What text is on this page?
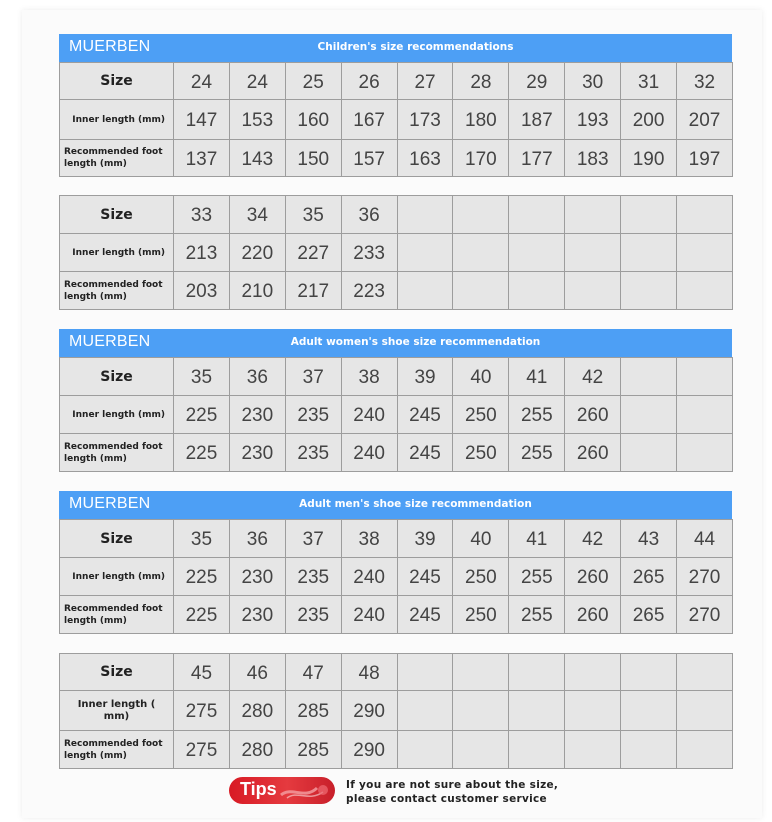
MUERBEN	Children's size recommendations
Size	24	24	25	26	27	28	29	30	31	32
Inner length (mm)	147	153	160	167	173	180	187	193	200	207
Recommended foot length (mm)	137	143	150	157	163	170	177	183	190	197
Size	33	34	35	36						
Inner length (mm)	213	220	227	233						
Recommended foot length (mm)	203	210	217	223						
MUERBEN	Adult women's shoe size recommendation
Size	35	36	37	38	39	40	41	42		
Inner length (mm)	225	230	235	240	245	250	255	260		
Recommended foot length (mm)	225	230	235	240	245	250	255	260		
MUERBEN	Adult men's shoe size recommendation
Size	35	36	37	38	39	40	41	42	43	44
Inner length (mm)	225	230	235	240	245	250	255	260	265	270
Recommended foot length (mm)	225	230	235	240	245	250	255	260	265	270
Size	45	46	47	48						
Inner length ( mm)	275	280	285	290						
Recommended foot length (mm)	275	280	285	290						
Tips	If you are not sure about the size,
please contact customer service
